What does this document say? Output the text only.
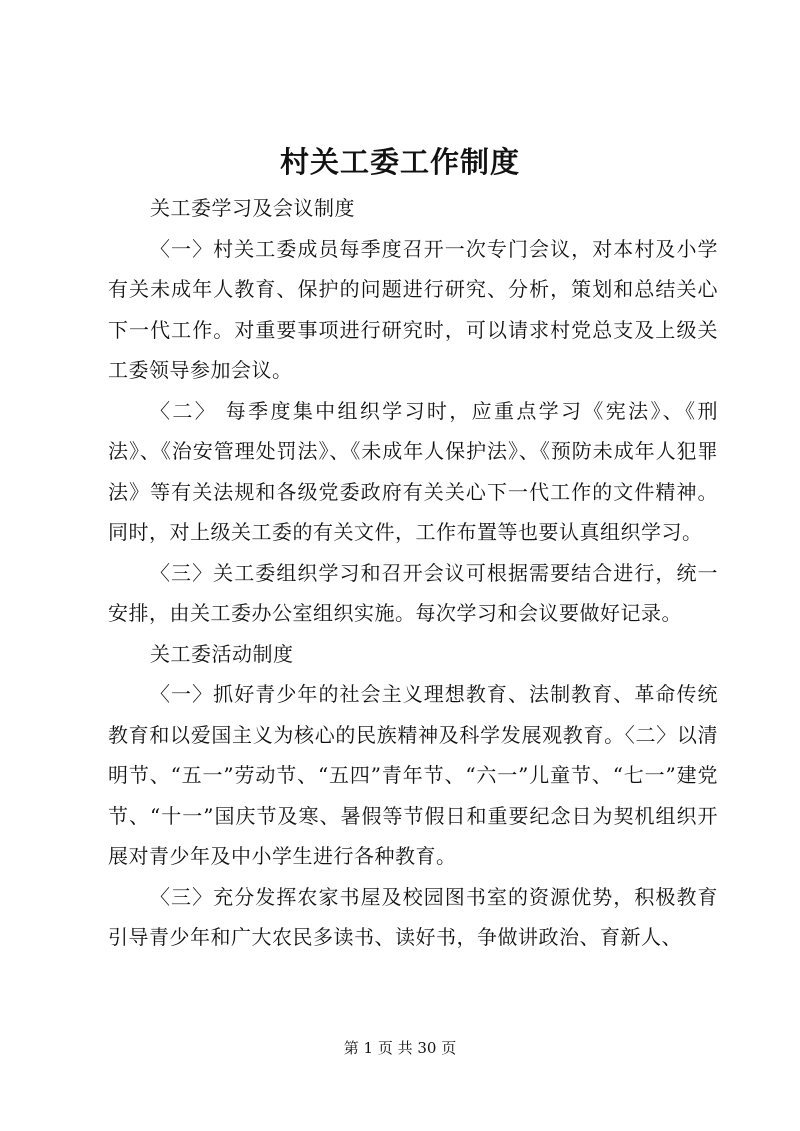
村关工委工作制度

关工委学习及会议制度

〈一〉村关工委成员每季度召开一次专门会议，对本村及小学有关未成年人教育、保护的问题进行研究、分析，策划和总结关心下一代工作。对重要事项进行研究时，可以请求村党总支及上级关工委领导参加会议。

〈二〉 每季度集中组织学习时，应重点学习《宪法》、《刑法》、《治安管理处罚法》、《未成年人保护法》、《预防未成年人犯罪法》等有关法规和各级党委政府有关关心下一代工作的文件精神。同时，对上级关工委的有关文件，工作布置等也要认真组织学习。

〈三〉关工委组织学习和召开会议可根据需要结合进行，统一安排，由关工委办公室组织实施。每次学习和会议要做好记录。

关工委活动制度

〈一〉抓好青少年的社会主义理想教育、法制教育、革命传统教育和以爱国主义为核心的民族精神及科学发展观教育。〈二〉以清明节、“五一”劳动节、“五四”青年节、“六一”儿童节、“七一”建党节、“十一”国庆节及寒、暑假等节假日和重要纪念日为契机组织开展对青少年及中小学生进行各种教育。

〈三〉充分发挥农家书屋及校园图书室的资源优势，积极教育引导青少年和广大农民多读书、读好书，争做讲政治、育新人、

第 1 页 共 30 页
